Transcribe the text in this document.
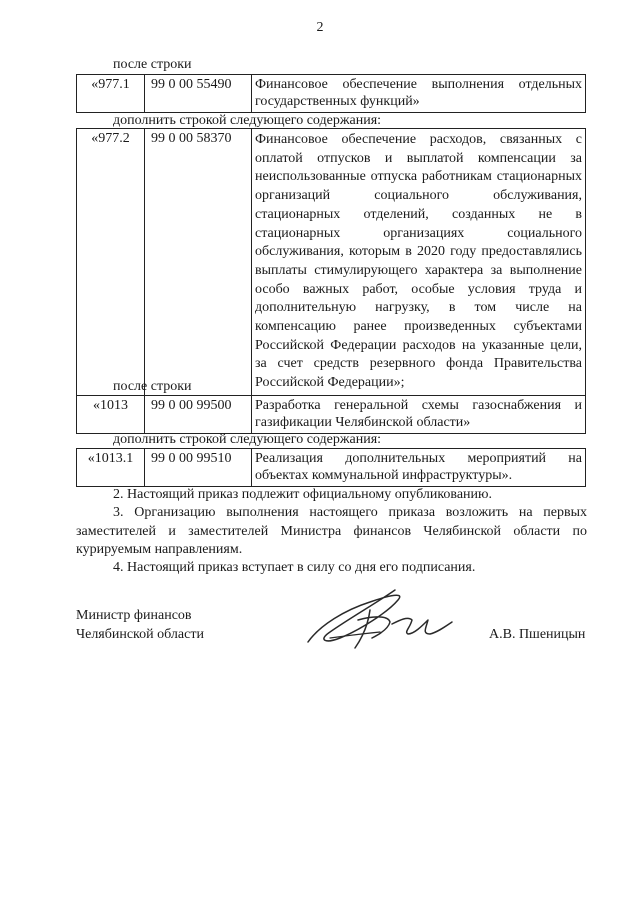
2
после строки
«977.1	99 0 00 55490	Финансовое обеспечение выполнения отдельных государственных функций»
дополнить строкой следующего содержания:
«977.2	99 0 00 58370	Финансовое обеспечение расходов, связанных с оплатой отпусков и выплатой компенсации за неиспользованные отпуска работникам стационарных организаций социального обслуживания, стационарных отделений, созданных не в стационарных организациях социального обслуживания, которым в 2020 году предоставлялись выплаты стимулирующего характера за выполнение особо важных работ, особые условия труда и дополнительную нагрузку, в том числе на компенсацию ранее произведенных субъектами Российской Федерации расходов на указанные цели, за счет средств резервного фонда Правительства Российской Федерации»;
после строки
«1013	99 0 00 99500	Разработка генеральной схемы газоснабжения и газификации Челябинской области»
дополнить строкой следующего содержания:
«1013.1	99 0 00 99510	Реализация дополнительных мероприятий на объектах коммунальной инфраструктуры».
2. Настоящий приказ подлежит официальному опубликованию.
3. Организацию выполнения настоящего приказа возложить на первых заместителей и заместителей Министра финансов Челябинской области по курируемым направлениям.
4. Настоящий приказ вступает в силу со дня его подписания.
Министр финансов
Челябинской области	А.В. Пшеницын
